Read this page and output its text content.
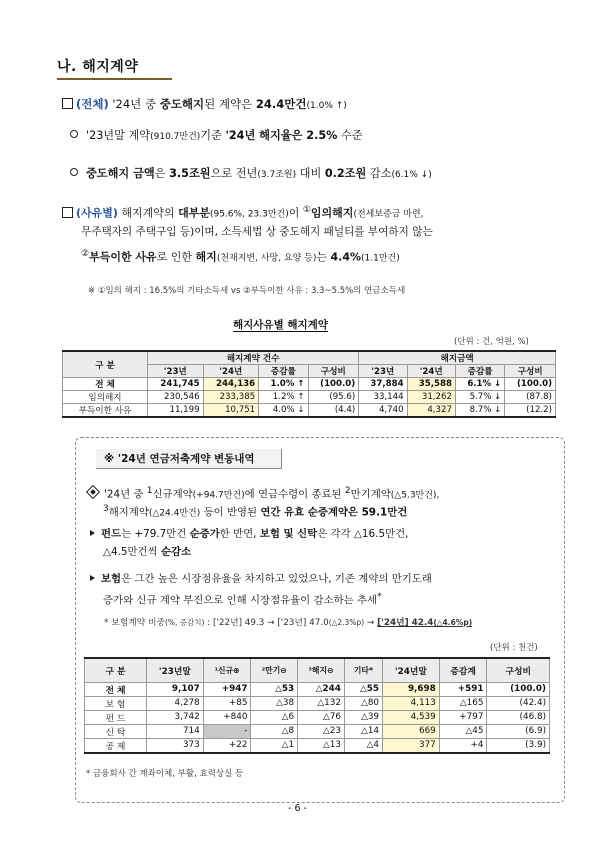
나. 해지계약
(전체) '24년 중 중도해지된 계약은 24.4만건(1.0% ↑)
'23년말 계약(910.7만건)기준 '24년 해지율은 2.5% 수준
중도해지 금액은 3.5조원으로 전년(3.7조원) 대비 0.2조원 감소(6.1% ↓)
(사유별) 해지계약의 대부분(95.6%, 23.3만건)이 ①임의해지(전세보증금 마련,
무주택자의 주택구입 등)이며, 소득세법 상 중도해지 패널티를 부여하지 않는
②부득이한 사유로 인한 해지(천재지변, 사망, 요양 등)는 4.4%(1.1만건)
※ ①임의 해지 : 16.5%의 기타소득세 vs ②부득이한 사유 : 3.3~5.5%의 연금소득세
해지사유별 해지계약
(단위 : 건, 억원, %)
구 분	해지계약 건수				해지금액			
	'23년	'24년	증감률	구성비	'23년	'24년	증감률	구성비
전 체	241,745	244,136	1.0% ↑	(100.0)	37,884	35,588	6.1% ↓	(100.0)
임의해지	230,546	233,385	1.2% ↑	(95.6)	33,144	31,262	5.7% ↓	(87.8)
부득이한 사유	11,199	10,751	4.0% ↓	(4.4)	4,740	4,327	8.7% ↓	(12.2)
※ '24년 연금저축계약 변동내역
'24년 중 $^1$신규계약(+94.7만건)에 연금수령이 종료된 $^2$만기계약(△5.3만건),
$^3$해지계약(△24.4만건) 등이 반영된 연간 유효 순증계약은 59.1만건
펀드는 +79.7만건 순증가한 반면, 보험 및 신탁은 각각 △16.5만건,
△4.5만건씩 순감소
보험은 그간 높은 시장점유율을 차지하고 있었으나, 기존 계약의 만기도래
증가와 신규 계약 부진으로 인해 시장점유율이 감소하는 추세*
* 보험계약 비중(%, 증감치) : ['22년] 49.3 → ['23년] 47.0(△2.3%p) → ['24년] 42.4(△4.6%p)
(단위 : 천건)
구 분	'23년말	¹신규⊕	²만기⊖	³해지⊖	기타*	'24년말	증감계	구성비
전 체	9,107	+947	△53	△244	△55	9,698	+591	(100.0)
보 험	4,278	+85	△38	△132	△80	4,113	△165	(42.4)
펀 드	3,742	+840	△6	△76	△39	4,539	+797	(46.8)
신 탁	714	-	△8	△23	△14	669	△45	(6.9)
공 제	373	+22	△1	△13	△4	377	+4	(3.9)
* 금융회사 간 계좌이체, 부활, 효력상실 등
- 6 -
